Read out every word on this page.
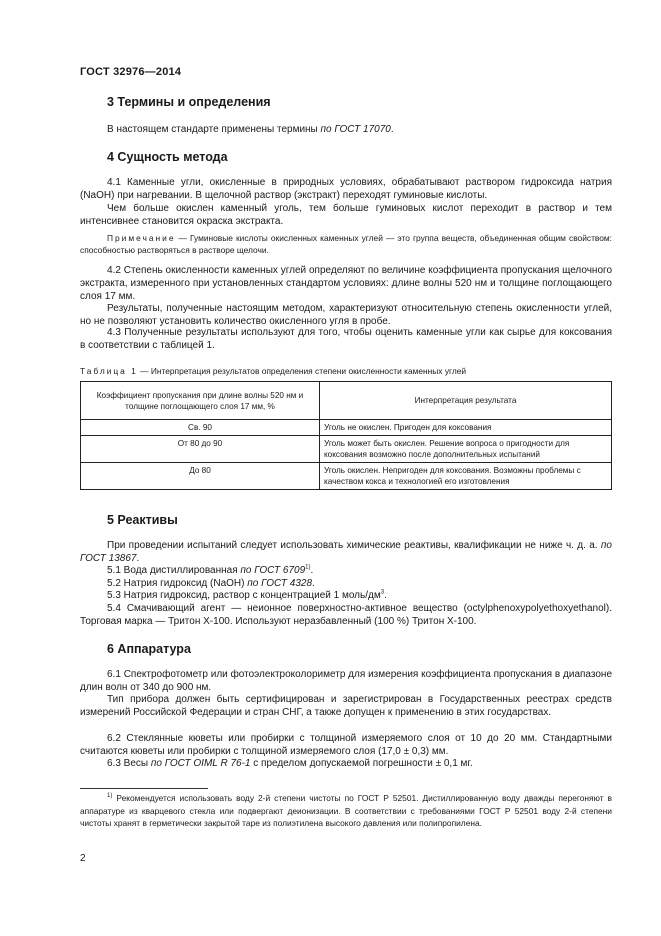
ГОСТ 32976—2014
3 Термины и определения

В настоящем стандарте применены термины по ГОСТ 17070.

4 Сущность метода

4.1 Каменные угли, окисленные в природных условиях, обрабатывают раствором гидроксида натрия (NaOH) при нагревании. В щелочной раствор (экстракт) переходят гуминовые кислоты.

Чем больше окислен каменный уголь, тем больше гуминовых кислот переходит в раствор и тем интенсивнее становится окраска экстракта.

Примечание — Гуминовые кислоты окисленных каменных углей — это группа веществ, объединенная общим свойством: способностью растворяться в растворе щелочи.

4.2 Степень окисленности каменных углей определяют по величине коэффициента пропускания щелочного экстракта, измеренного при установленных стандартом условиях: длине волны 520 нм и толщине поглощающего слоя 17 мм.

Результаты, полученные настоящим методом, характеризуют относительную степень окисленности углей, но не позволяют установить количество окисленного угля в пробе.

4.3 Полученные результаты используют для того, чтобы оценить каменные угли как сырье для коксования в соответствии с таблицей 1.

Таблица 1 — Интерпретация результатов определения степени окисленности каменных углей
Коэффициент пропускания при длине волны 520 нм и толщине поглощающего слоя 17 мм, %	Интерпретация результата
Св. 90	Уголь не окислен. Пригоден для коксования
От 80 до 90	Уголь может быть окислен. Решение вопроса о пригодности для коксования возможно после дополнительных испытаний
До 80	Уголь окислен. Непригоден для коксования. Возможны проблемы с качеством кокса и технологией его изготовления
5 Реактивы

При проведении испытаний следует использовать химические реактивы, квалификации не ниже ч. д. а. по ГОСТ 13867.

5.1 Вода дистиллированная по ГОСТ 6709$^{1)}$.

5.2 Натрия гидроксид (NaOH) по ГОСТ 4328.

5.3 Натрия гидроксид, раствор с концентрацией 1 моль/$дм^3$.

5.4 Смачивающий агент — неионное поверхностно-активное вещество (octylphenoxypolyethoxyethanol). Торговая марка — Тритон Х-100. Используют неразбавленный (100 %) Тритон Х-100.

6 Аппаратура

6.1 Спектрофотометр или фотоэлектроколориметр для измерения коэффициента пропускания в диапазоне длин волн от 340 до 900 нм.

Тип прибора должен быть сертифицирован и зарегистрирован в Государственных реестрах средств измерений Российской Федерации и стран СНГ, а также допущен к применению в этих государствах.

6.2 Стеклянные кюветы или пробирки с толщиной измеряемого слоя от 10 до 20 мм. Стандартными считаются кюветы или пробирки с толщиной измеряемого слоя (17,0 ± 0,3) мм.

6.3 Весы по ГОСТ OIML R 76-1 с пределом допускаемой погрешности ± 0,1 мг.

$^{1)}$ Рекомендуется использовать воду 2-й степени чистоты по ГОСТ Р 52501. Дистиллированную воду дважды перегоняют в аппаратуре из кварцевого стекла или подвергают деионизации. В соответствии с требованиями ГОСТ Р 52501 воду 2-й степени чистоты хранят в герметически закрытой таре из полиэтилена высокого давления или полипропилена.

2
